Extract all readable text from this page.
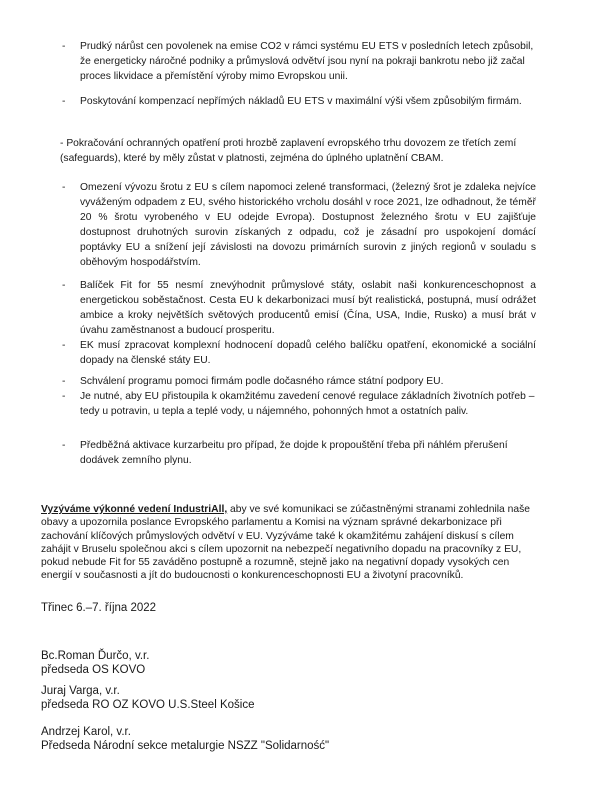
- Prudký nárůst cen povolenek na emise CO2 v rámci systému EU ETS v posledních letech způsobil, že energeticky náročné podniky a průmyslová odvětví jsou nyní na pokraji bankrotu nebo již začal proces likvidace a přemístění výroby mimo Evropskou unii.
- Poskytování kompenzací nepřímých nákladů EU ETS v maximální výši všem způsobilým firmám.
- Pokračování ochranných opatření proti hrozbě zaplavení evropského trhu dovozem ze třetích zemí (safeguards), které by měly zůstat v platnosti, zejména do úplného uplatnění CBAM.
- Omezení vývozu šrotu z EU s cílem napomoci zelené transformaci, (železný šrot je zdaleka nejvíce vyváženým odpadem z EU, svého historického vrcholu dosáhl v roce 2021, lze odhadnout, že téměř 20 % šrotu vyrobeného v EU odejde Evropa). Dostupnost železného šrotu v EU zajišťuje dostupnost druhotných surovin získaných z odpadu, což je zásadní pro uspokojení domácí poptávky EU a snížení její závislosti na dovozu primárních surovin z jiných regionů v souladu s oběhovým hospodářstvím.
- Balíček Fit for 55 nesmí znevýhodnit průmyslové státy, oslabit naši konkurenceschopnost a energetickou soběstačnost. Cesta EU k dekarbonizaci musí být realistická, postupná, musí odrážet ambice a kroky největších světových producentů emisí (Čína, USA, Indie, Rusko) a musí brát v úvahu zaměstnanost a budoucí prosperitu.
- EK musí zpracovat komplexní hodnocení dopadů celého balíčku opatření, ekonomické a sociální dopady na členské státy EU.
- Schválení programu pomoci firmám podle dočasného rámce státní podpory EU.
- Je nutné, aby EU přistoupila k okamžitému zavedení cenové regulace základních životních potřeb – tedy u potravin, u tepla a teplé vody, u nájemného, pohonných hmot a ostatních paliv.
- Předběžná aktivace kurzarbeitu pro případ, že dojde k propouštění třeba při náhlém přerušení dodávek zemního plynu.
Vyzýváme výkonné vedení IndustriAll, aby ve své komunikaci se zúčastněnými stranami zohlednila naše obavy a upozornila poslance Evropského parlamentu a Komisi na význam správné dekarbonizace při zachování klíčových průmyslových odvětví v EU. Vyzýváme také k okamžitému zahájení diskusí s cílem zahájit v Bruselu společnou akci s cílem upozornit na nebezpečí negativního dopadu na pracovníky z EU, pokud nebude Fit for 55 zaváděno postupně a rozumně, stejně jako na negativní dopady vysokých cen energií v současnosti a jít do budoucnosti o konkurenceschopnosti EU a životyní pracovníků.
Třinec 6.–7. října 2022
Bc.Roman Ďurčo, v.r.
předseda OS KOVO
Juraj Varga, v.r.
předseda RO OZ KOVO U.S.Steel Košice
Andrzej Karol, v.r.
Předseda Národní sekce metalurgie NSZZ "Solidarność"
